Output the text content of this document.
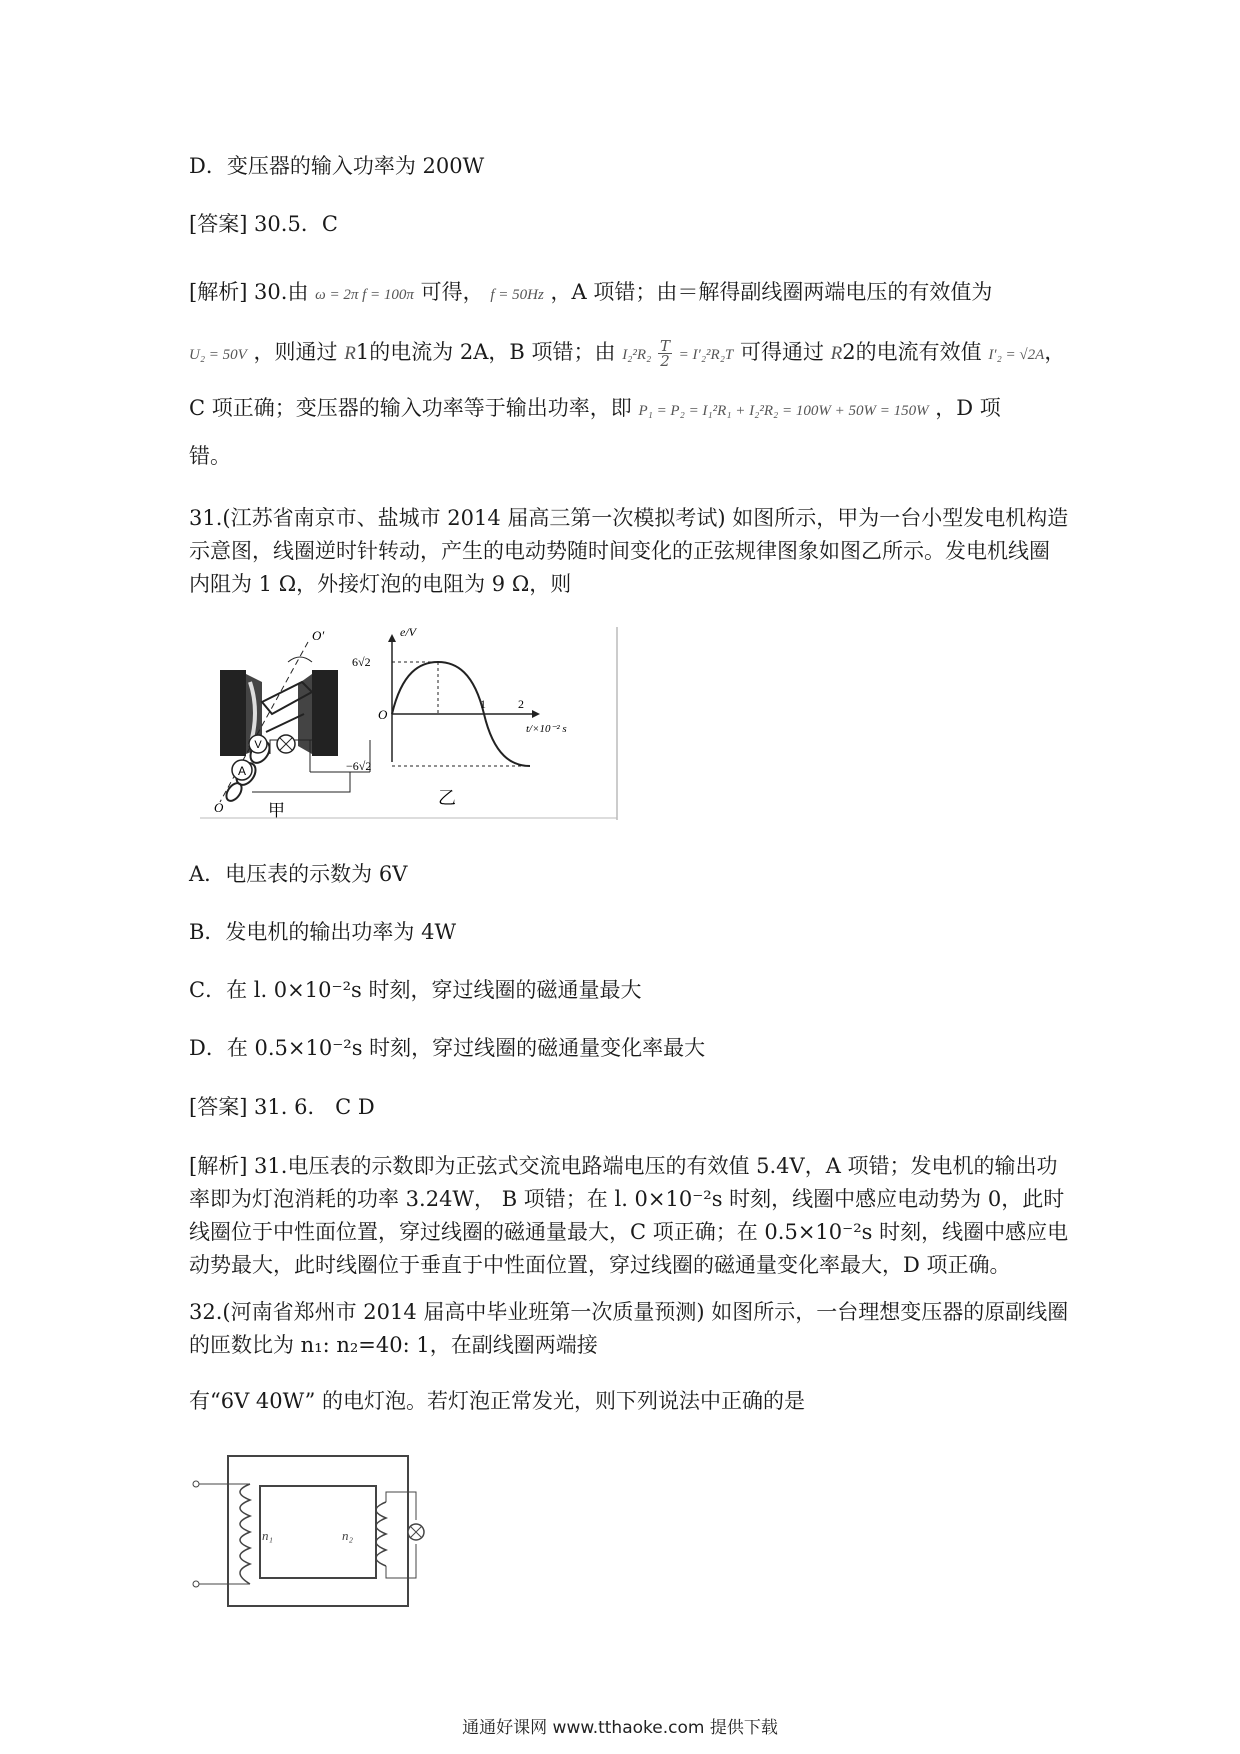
D．变压器的输入功率为 200W
[答案] 30.5．C
[解析] 30.由 ω = 2π f = 100π 可得， f = 50Hz ，A 项错；由＝解得副线圈两端电压的有效值为
U₂ = 50V ，则通过 R1的电流为 2A，B 项错；由 $I_2^2R_2 \frac{T}{2} = I'_2^2R_2T$ 可得通过 R2的电流有效值 I′₂ = √2A，
C 项正确；变压器的输入功率等于输出功率，即 P₁ = P₂ = I₁²R₁ + I₂²R₂ = 100W + 50W = 150W ，D 项
错。
31.(江苏省南京市、盐城市 2014 届高三第一次模拟考试) 如图所示，甲为一台小型发电机构造示意图，线圈逆时针转动，产生的电动势随时间变化的正弦规律图象如图乙所示。发电机线圈内阻为 1 Ω，外接灯泡的电阻为 9 Ω，则
O′
O
A
V
甲
e/V
6√2
−6√2
O
1	2
t/×10⁻² s
乙
A．电压表的示数为 6V
B．发电机的输出功率为 4W
C．在 l. 0×10⁻²s 时刻，穿过线圈的磁通量最大
D．在 0.5×10⁻²s 时刻，穿过线圈的磁通量变化率最大
[答案] 31. 6． C D
[解析] 31.电压表的示数即为正弦式交流电路端电压的有效值 5.4V，A 项错；发电机的输出功率即为灯泡消耗的功率 3.24W， B 项错；在 l. 0×10⁻²s 时刻，线圈中感应电动势为 0，此时线圈位于中性面位置，穿过线圈的磁通量最大，C 项正确；在 0.5×10⁻²s 时刻，线圈中感应电动势最大，此时线圈位于垂直于中性面位置，穿过线圈的磁通量变化率最大，D 项正确。
32.(河南省郑州市 2014 届高中毕业班第一次质量预测) 如图所示，一台理想变压器的原副线圈的匝数比为 n₁: n₂=40: 1，在副线圈两端接
有“6V 40W” 的电灯泡。若灯泡正常发光，则下列说法中正确的是
n₁	n₂
通通好课网 www.tthaoke.com 提供下载
